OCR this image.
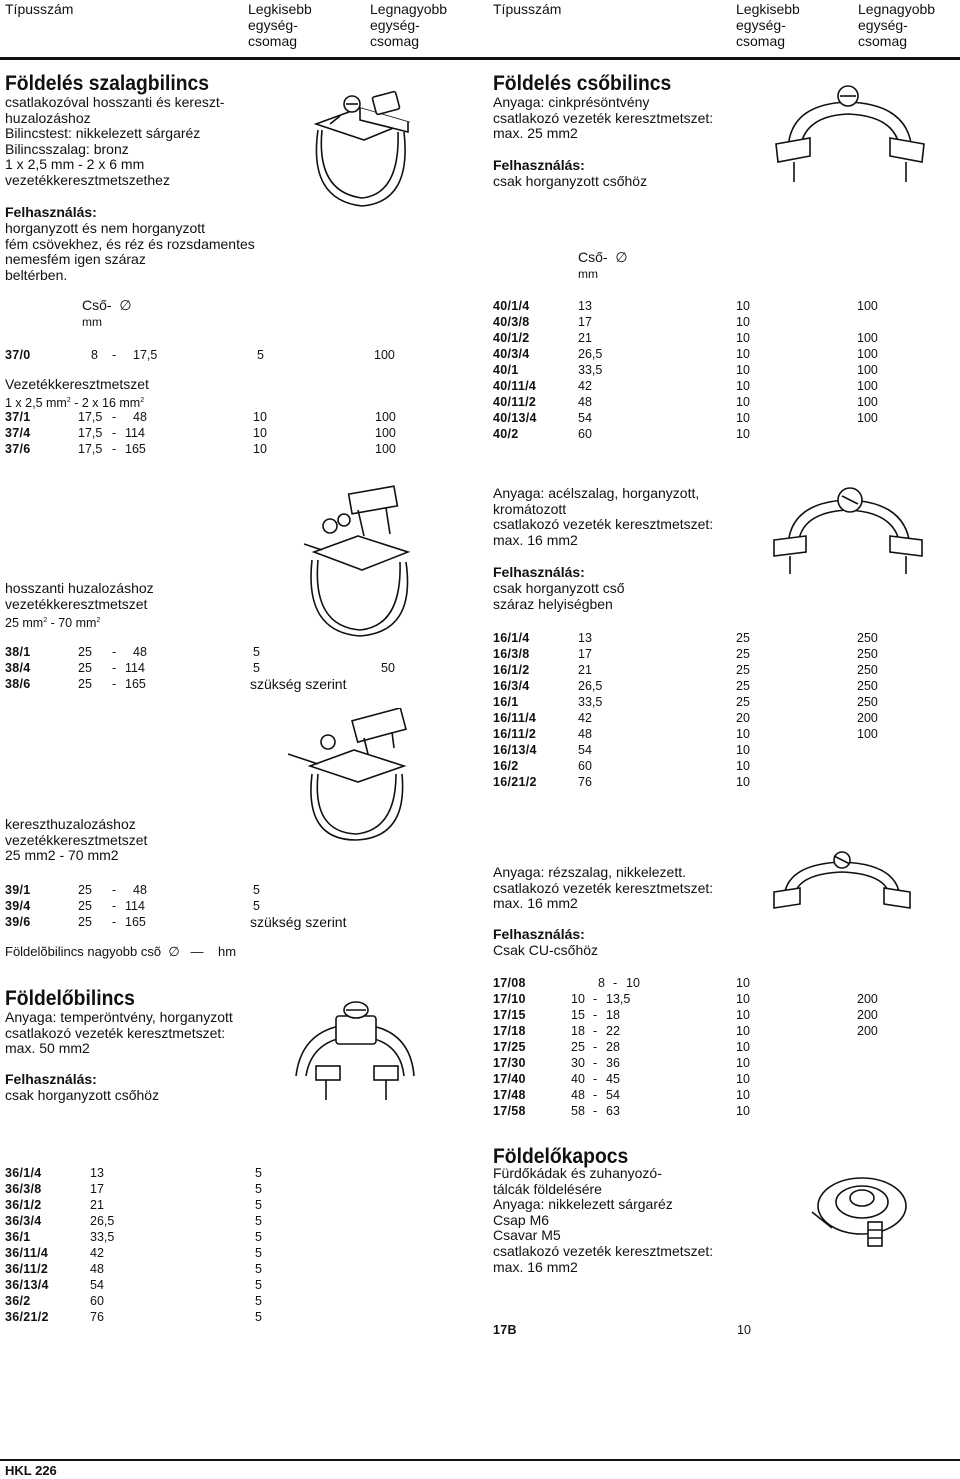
Típusszám	Legkisebb
egység-
csomag
Legnagyobb
egység-
csomag
Típusszám	Legkisebb
egység-
csomag
Legnagyobb
egység-
csomag
Földelés szalagbilincs
csatlakozóval hosszanti és kereszt-
huzalozáshoz
Bilincstest: nikkelezett sárgaréz
Bilincsszalag: bronz
1 x 2,5 mm - 2 x 6 mm
vezetékkeresztmetszethez
Felhasználás:
horganyzott és nem horganyzott
fém csövekhez, és réz és rozsdamentes
nemesfém igen száraz
beltérben.
Cső- ∅
mm
37/0	8 - 17,5	5	100
Vezetékkeresztmetszet
1 x 2,5 $mm^2 - 2$ x 16 $mm^2$
37/1	17,5 - 48	10	100
37/4	17,5 - 114	10	100
37/6	17,5 - 165	10	100
hosszanti huzalozáshoz
vezetékkeresztmetszet
25 $mm^2 - 70$ $mm^2$
38/1	25 - 48	5
38/4	25 - 114	5	50
38/6	25 - 165	szükség szerint
kereszthuzalozáshoz
vezetékkeresztmetszet
25 mm2 - 70 mm2
39/1	25 - 48	5
39/4	25 - 114	5
39/6	25 - 165	szükség szerint
Földelõbilincs nagyobb csõ ∅ — hm
Földelőbilincs
Anyaga: temperöntvény, horganyzott
csatlakozó vezeték keresztmetszet:
max. 50 mm2
Felhasználás:
csak horganyzott csőhöz
36/1/4	13	5
36/3/8	17	5
36/1/2	21	5
36/3/4	26,5	5
36/1	33,5	5
36/11/4	42	5
36/11/2	48	5
36/13/4	54	5
36/2	60	5
36/21/2	76	5
Földelés csőbilincs
Anyaga: cinkprésöntvény
csatlakozó vezeték keresztmetszet:
max. 25 mm2
Felhasználás:
csak horganyzott csőhöz
Cső- ∅
mm
40/1/4	13	10	100
40/3/8	17	10
40/1/2	21	10	100
40/3/4	26,5	10	100
40/1	33,5	10	100
40/11/4	42	10	100
40/11/2	48	10	100
40/13/4	54	10	100
40/2	60	10
Anyaga: acélszalag, horganyzott,
kromátozott
csatlakozó vezeték keresztmetszet:
max. 16 mm2
Felhasználás:
csak horganyzott cső
száraz helyiségben
16/1/4	13	25	250
16/3/8	17	25	250
16/1/2	21	25	250
16/3/4	26,5	25	250
16/1	33,5	25	250
16/11/4	42	20	200
16/11/2	48	10	100
16/13/4	54	10
16/2	60	10
16/21/2	76	10
Anyaga: rézszalag, nikkelezett.
csatlakozó vezeték keresztmetszet:
max. 16 mm2
Felhasználás:
Csak CU-csőhöz
17/08	8 - 10	10
17/10	10 - 13,5	10	200
17/15	15 - 18	10	200
17/18	18 - 22	10	200
17/25	25 - 28	10
17/30	30 - 36	10
17/40	40 - 45	10
17/48	48 - 54	10
17/58	58 - 63	10
Földelőkapocs
Fürdőkádak és zuhanyozó-
tálcák földelésére
Anyaga: nikkelezett sárgaréz
Csap M6
Csavar M5
csatlakozó vezeték keresztmetszet:
max. 16 mm2
17B	10
HKL 226
